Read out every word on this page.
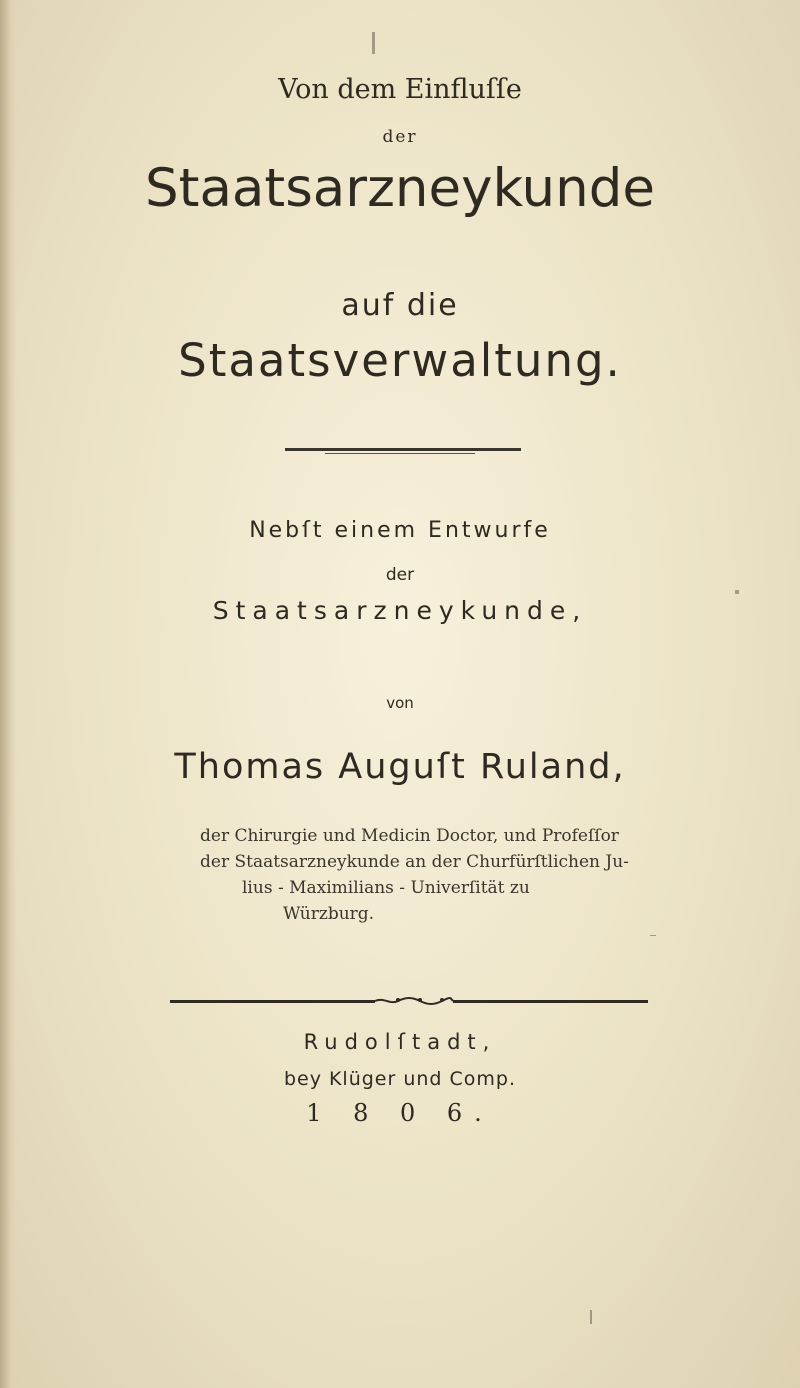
Von dem Einfluſſe
der
Staatsarzneykunde
auf die
Staatsverwaltung.
Nebſt einem Entwurfe
der
Staatsarzneykunde,
von
Thomas Auguſt Ruland,
der Chirurgie und Medicin Doctor, und Profeſſor
der Staatsarzneykunde an der Churfürſtlichen Ju-
lius - Maximilians - Univerſität zu
Würzburg.
Rudolſtadt,
bey Klüger und Comp.
1 8 0 6.
